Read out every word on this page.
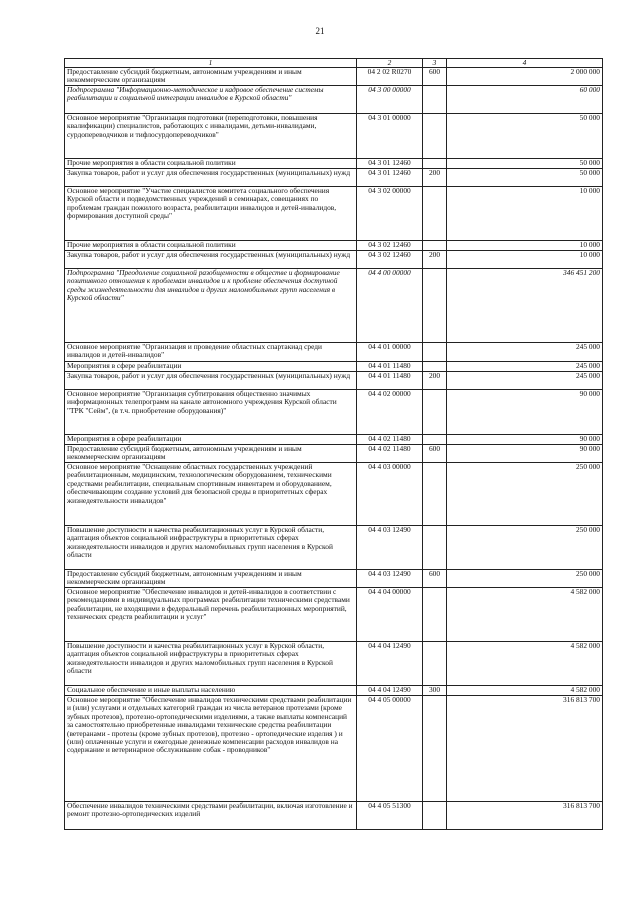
21
1	2	3	4
Предоставление субсидий бюджетным, автономным учреждениям и иным некоммерческим организациям	04 2 02 R0270	600	2 000 000
Подпрограмма "Информационно-методическое и кадровое обеспечение системы реабилитации и социальной интеграции инвалидов в Курской области"	04 3 00 00000		60 000
Основное мероприятие "Организация подготовки (переподготовки, повышения квалификации) специалистов, работающих с инвалидами, детьми-инвалидами, сурдопереводчиков и тифлосурдопереводчиков"	04 3 01 00000		50 000
Прочие мероприятия в области социальной политики	04 3 01 12460		50 000
Закупка товаров, работ и услуг для обеспечения государственных (муниципальных) нужд	04 3 01 12460	200	50 000
Основное мероприятие "Участие специалистов комитета социального обеспечения Курской области и подведомственных учреждений в семинарах, совещаниях по проблемам граждан пожилого возраста, реабилитации инвалидов и детей-инвалидов, формирования доступной среды"	04 3 02 00000		10 000
Прочие мероприятия в области социальной политики	04 3 02 12460		10 000
Закупка товаров, работ и услуг для обеспечения государственных (муниципальных) нужд	04 3 02 12460	200	10 000
Подпрограмма "Преодоление социальной разобщенности в обществе и формирование позитивного отношения к проблемам инвалидов и к проблеме обеспечения доступной среды жизнедеятельности для инвалидов и других маломобильных групп населения в Курской области"	04 4 00 00000		346 451 200
Основное мероприятие "Организация и проведение областных спартакиад среди инвалидов и детей-инвалидов"	04 4 01 00000		245 000
Мероприятия в сфере реабилитации	04 4 01 11480		245 000
Закупка товаров, работ и услуг для обеспечения государственных (муниципальных) нужд	04 4 01 11480	200	245 000
Основное мероприятие "Организация субтитрования общественно значимых информационных телепрограмм на канале автономного учреждения Курской области "ТРК "Сейм", (в т.ч. приобретение оборудования)"	04 4 02 00000		90 000
Мероприятия в сфере реабилитации	04 4 02 11480		90 000
Предоставление субсидий бюджетным, автономным учреждениям и иным некоммерческим организациям	04 4 02 11480	600	90 000
Основное мероприятие "Оснащение областных государственных учреждений реабилитационным, медицинским, технологическим оборудованием, техническими средствами реабилитации, специальным спортивным инвентарем и оборудованием, обеспечивающим создание условий для безопасной среды в приоритетных сферах жизнедеятельности инвалидов"	04 4 03 00000		250 000
Повышение доступности и качества реабилитационных услуг в Курской области, адаптация объектов социальной инфраструктуры в приоритетных сферах жизнедеятельности инвалидов и других маломобильных групп населения в Курской области	04 4 03 12490		250 000
Предоставление субсидий бюджетным, автономным учреждениям и иным некоммерческим организациям	04 4 03 12490	600	250 000
Основное мероприятие "Обеспечение инвалидов и детей-инвалидов в соответствии с рекомендациями в индивидуальных программах реабилитации техническими средствами реабилитации, не входящими в федеральный перечень реабилитационных мероприятий, технических средств реабилитации и услуг"	04 4 04 00000		4 582 000
Повышение доступности и качества реабилитационных услуг в Курской области, адаптация объектов социальной инфраструктуры в приоритетных сферах жизнедеятельности инвалидов и других маломобильных групп населения в Курской области	04 4 04 12490		4 582 000
Социальное обеспечение и иные выплаты населению	04 4 04 12490	300	4 582 000
Основное мероприятие "Обеспечение инвалидов техническими средствами реабилитации и (или) услугами и отдельных категорий граждан из числа ветеранов протезами (кроме зубных протезов), протезно-ортопедическими изделиями, а также выплаты компенсаций за самостоятельно приобретенные инвалидами технические средства реабилитации (ветеранами - протезы (кроме зубных протезов), протезно - ортопедические изделия ) и (или) оплаченные услуги и ежегодные денежные компенсации расходов инвалидов на содержание и ветеринарное обслуживание собак - проводников"	04 4 05 00000		316 813 700
Обеспечение инвалидов техническими средствами реабилитации, включая изготовление и ремонт протезно-ортопедических изделий	04 4 05 51300		316 813 700
